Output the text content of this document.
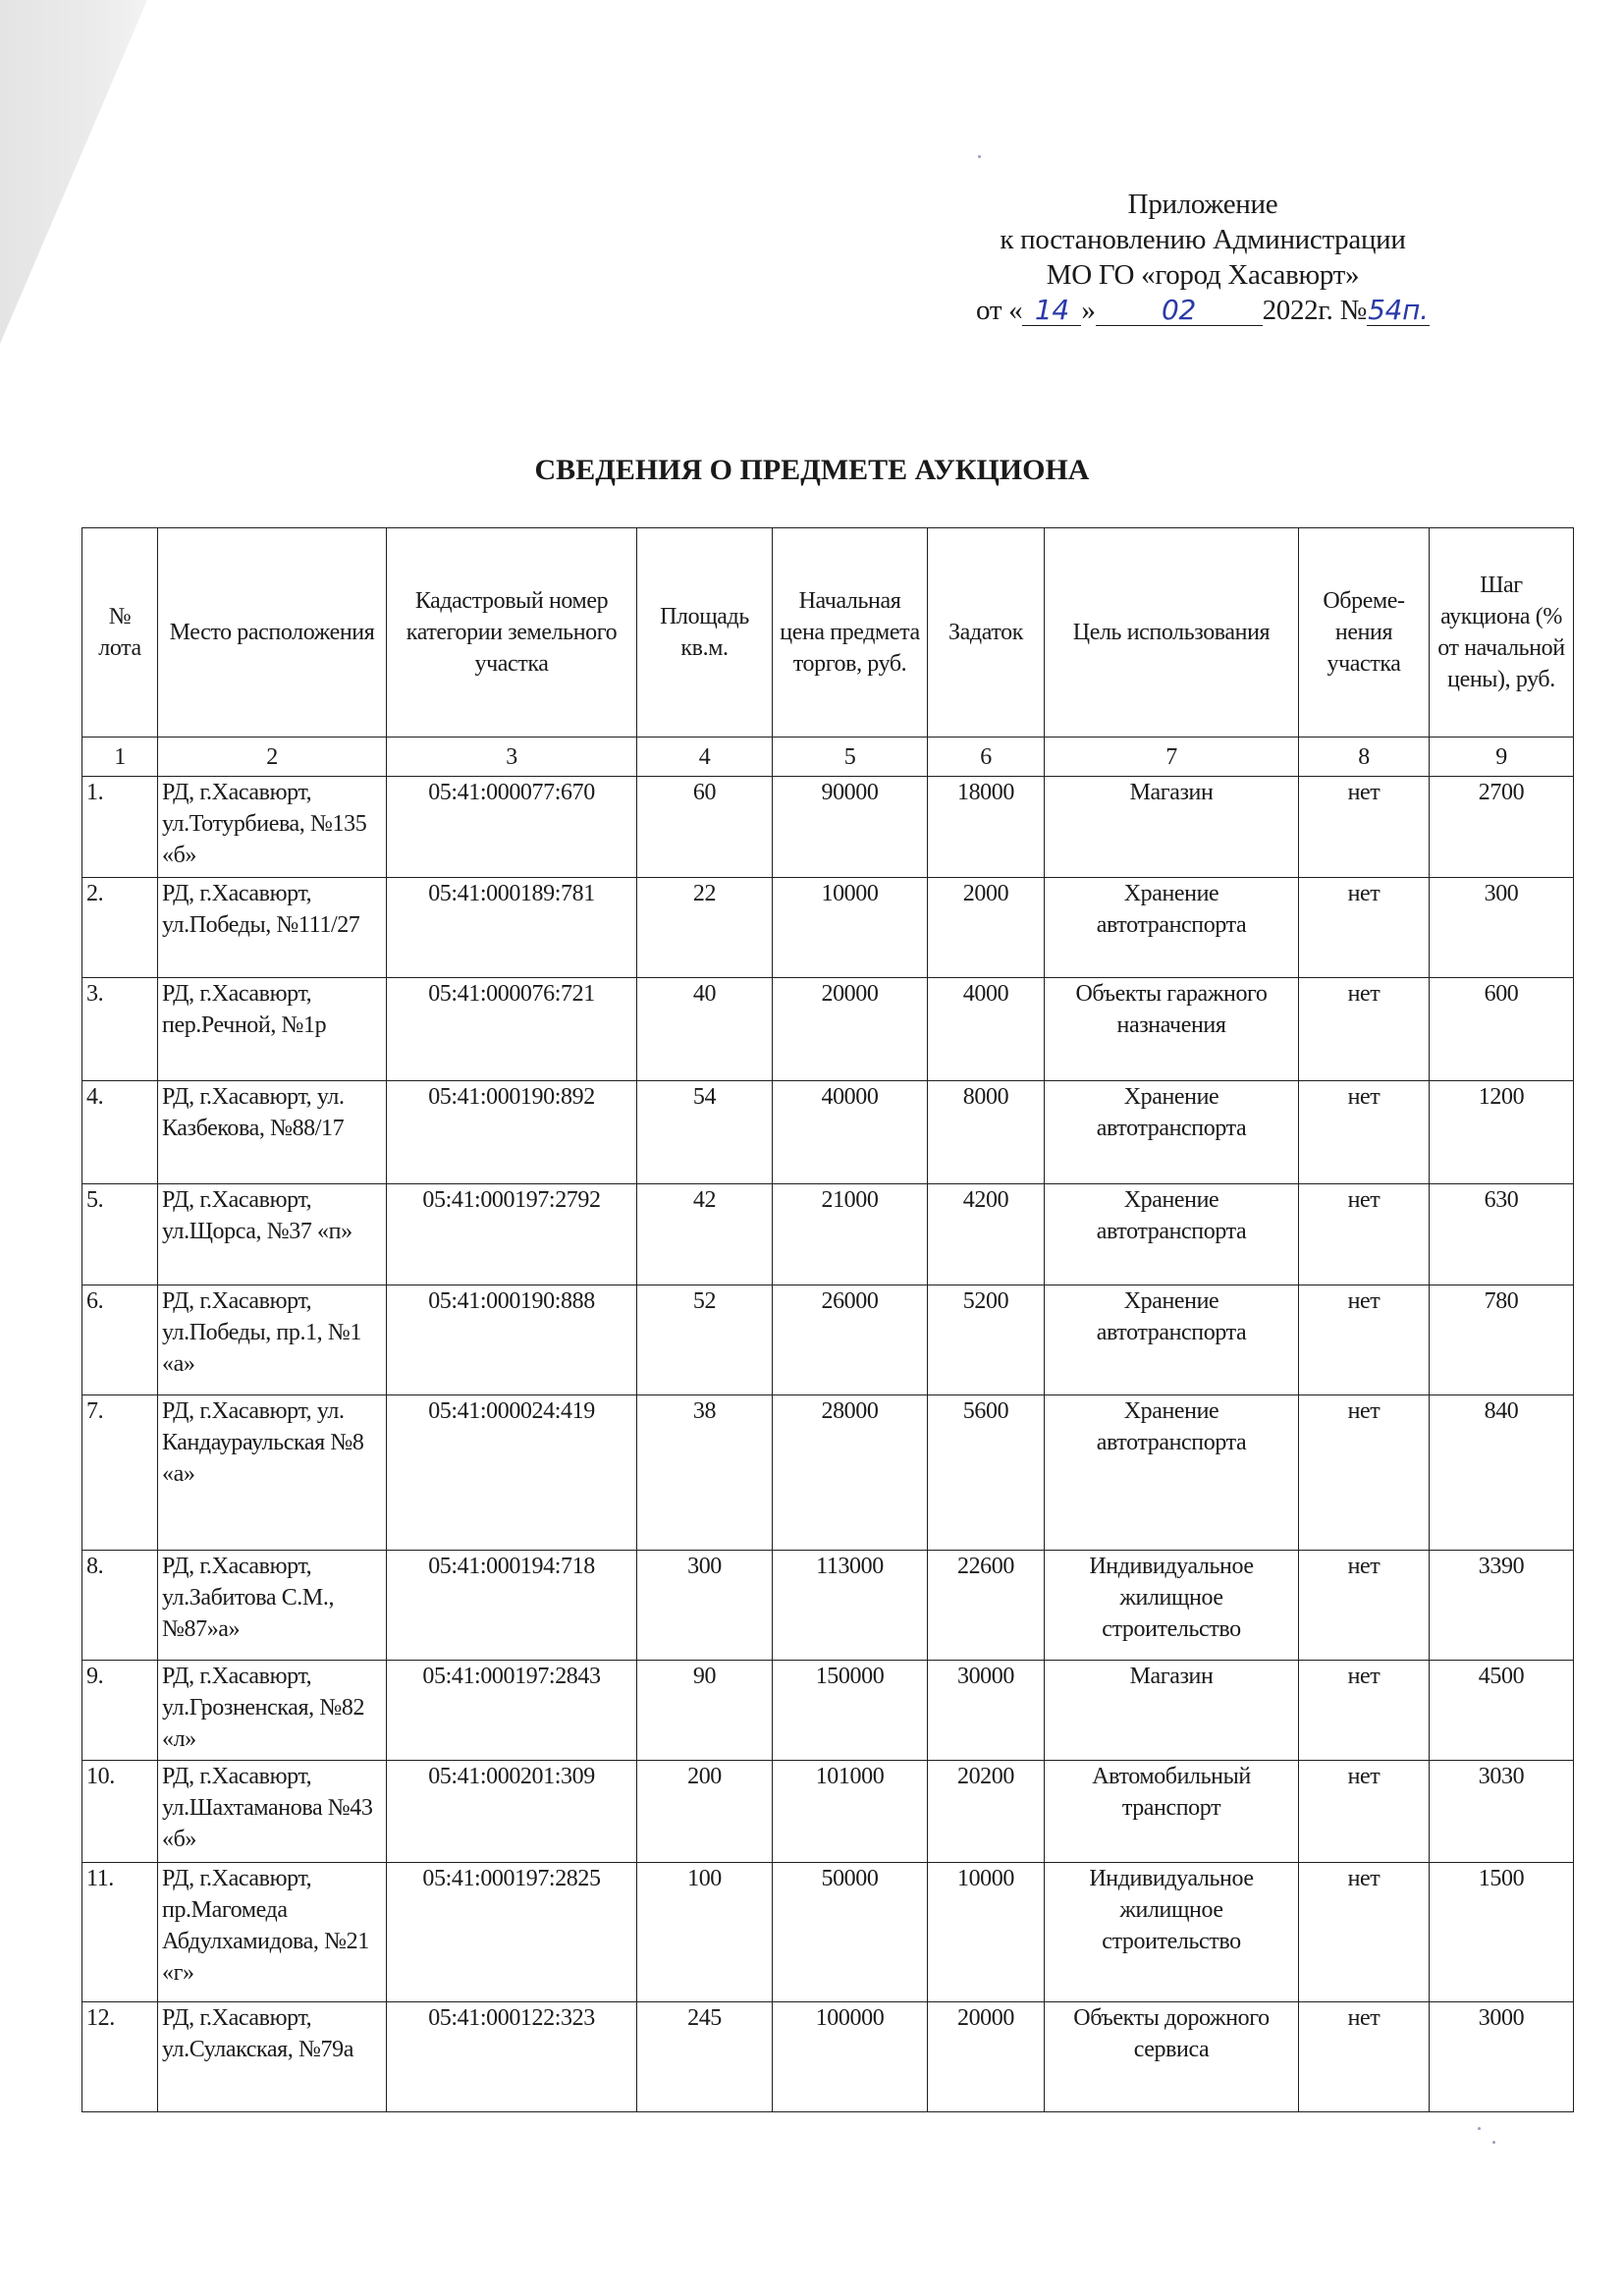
Приложение
к постановлению Администрации
МО ГО «город Хасавюрт»
от « 14 » 02 2022г. №54п.
СВЕДЕНИЯ О ПРЕДМЕТЕ АУКЦИОНА
№ лота	Место расположения	Кадастровый номер категории земельного участка	Площадь кв.м.	Начальная цена предмета торгов, руб.	Задаток	Цель использования	Обреме-нения участка	Шаг аукциона (% от начальной цены), руб.
1	2	3	4	5	6	7	8	9
1.	РД, г.Хасавюрт, ул.Тотурбиева, №135 «б»	05:41:000077:670	60	90000	18000	Магазин	нет	2700
2.	РД, г.Хасавюрт, ул.Победы, №111/27	05:41:000189:781	22	10000	2000	Хранение автотранспорта	нет	300
3.	РД, г.Хасавюрт, пер.Речной, №1р	05:41:000076:721	40	20000	4000	Объекты гаражного назначения	нет	600
4.	РД, г.Хасавюрт, ул. Казбекова, №88/17	05:41:000190:892	54	40000	8000	Хранение автотранспорта	нет	1200
5.	РД, г.Хасавюрт, ул.Щорса, №37 «п»	05:41:000197:2792	42	21000	4200	Хранение автотранспорта	нет	630
6.	РД, г.Хасавюрт, ул.Победы, пр.1, №1 «а»	05:41:000190:888	52	26000	5200	Хранение автотранспорта	нет	780
7.	РД, г.Хасавюрт, ул. Кандаураульская №8 «а»	05:41:000024:419	38	28000	5600	Хранение автотранспорта	нет	840
8.	РД, г.Хасавюрт, ул.Забитова С.М., №87»а»	05:41:000194:718	300	113000	22600	Индивидуальное жилищное строительство	нет	3390
9.	РД, г.Хасавюрт, ул.Грозненская, №82 «л»	05:41:000197:2843	90	150000	30000	Магазин	нет	4500
10.	РД, г.Хасавюрт, ул.Шахтаманова №43 «б»	05:41:000201:309	200	101000	20200	Автомобильный транспорт	нет	3030
11.	РД, г.Хасавюрт, пр.Магомеда Абдулхамидова, №21 «г»	05:41:000197:2825	100	50000	10000	Индивидуальное жилищное строительство	нет	1500
12.	РД, г.Хасавюрт, ул.Сулакская, №79а	05:41:000122:323	245	100000	20000	Объекты дорожного сервиса	нет	3000
